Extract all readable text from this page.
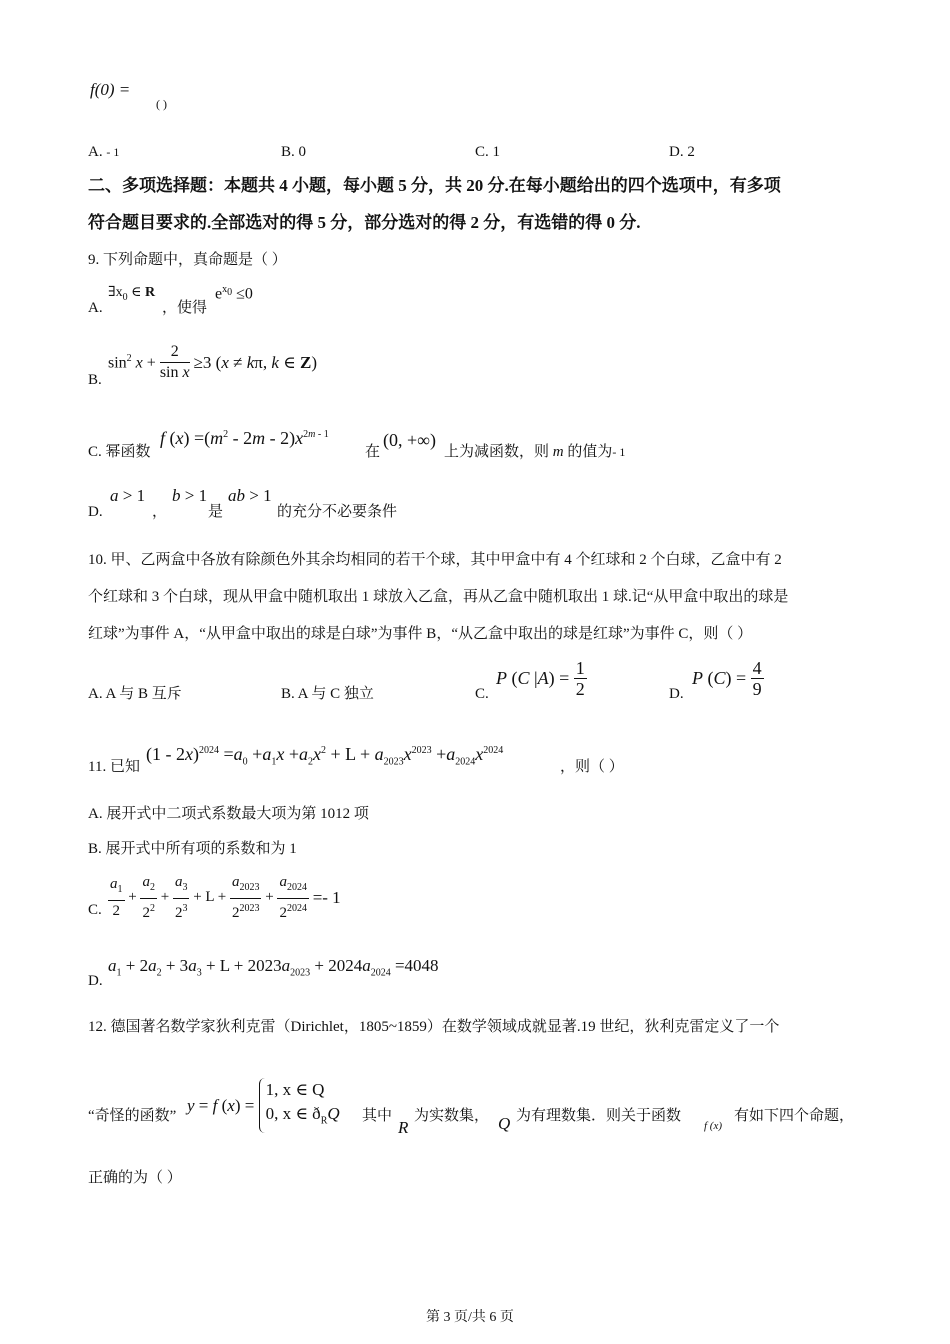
f(0) =
( )
A. - 1	B. 0	C. 1	D. 2
二、多项选择题：本题共 4 小题，每小题 5 分，共 20 分.在每小题给出的四个选项中，有多项
符合题目要求的.全部选对的得 5 分，部分选对的得 2 分，有选错的得 0 分.
9. 下列命题中，真命题是（ ）
A.
$\exists x_0$ ∈ R
，使得
$e^{x_0} \le 0$
B.
$\sin^2 x + \frac{2}{\text{sin x}} \ge 3$ (x ≠ kπ, k ∈ Z)
C. 幂函数
f $(x) =(m^2 - 2m - 2)x^{2m - 1}$
在
(0, +∞)
上为减函数，则 m 的值为- 1
D.
a > 1
，
b > 1
是
ab > 1
的充分不必要条件
10. 甲、乙两盒中各放有除颜色外其余均相同的若干个球，其中甲盒中有 4 个红球和 2 个白球，乙盒中有 2
个红球和 3 个白球，现从甲盒中随机取出 1 球放入乙盒，再从乙盒中随机取出 1 球.记“从甲盒中取出的球是
红球”为事件 A，“从甲盒中取出的球是白球”为事件 B，“从乙盒中取出的球是红球”为事件 C，则（ ）
A. A 与 B 互斥	B. A 与 C 独立	C.
P (C $|A) = \frac{1}{2}$	D.
P $(C) = \frac{4}{9}$
11. 已知
$(1 - 2x)^{2024} =a_0 +a_1x +a_2x^2 + L + a_{2023}x^{2023} +a_{2024}x^{2024}$
，则（ ）
A. 展开式中二项式系数最大项为第 1012 项
B. 展开式中所有项的系数和为 1
C. $\frac{a_1}{2} + \frac{a_2}{2^2} + \frac{a_3}{2^3} + L + \frac{a_{2023}}{2^{2023}} + \frac{a_{2024}}{2^{2024}} =- 1$
D.
$a_1 + 2a_2 + 3a_3 + L + 2023a_{2023} + 2024a_{2024} =4048$
12. 德国著名数学家狄利克雷（Dirichlet，1805~1859）在数学领域成就显著.19 世纪，狄利克雷定义了一个
“奇怪的函数”
y = f (x) =
1, x ∈ Q
0, x ∈ $ð_RQ$ 其中
R
为实数集， Q 为有理数集．则关于函数
f (x)
有如下四个命题，
正确的为（ ）
第 3 页/共 6 页
